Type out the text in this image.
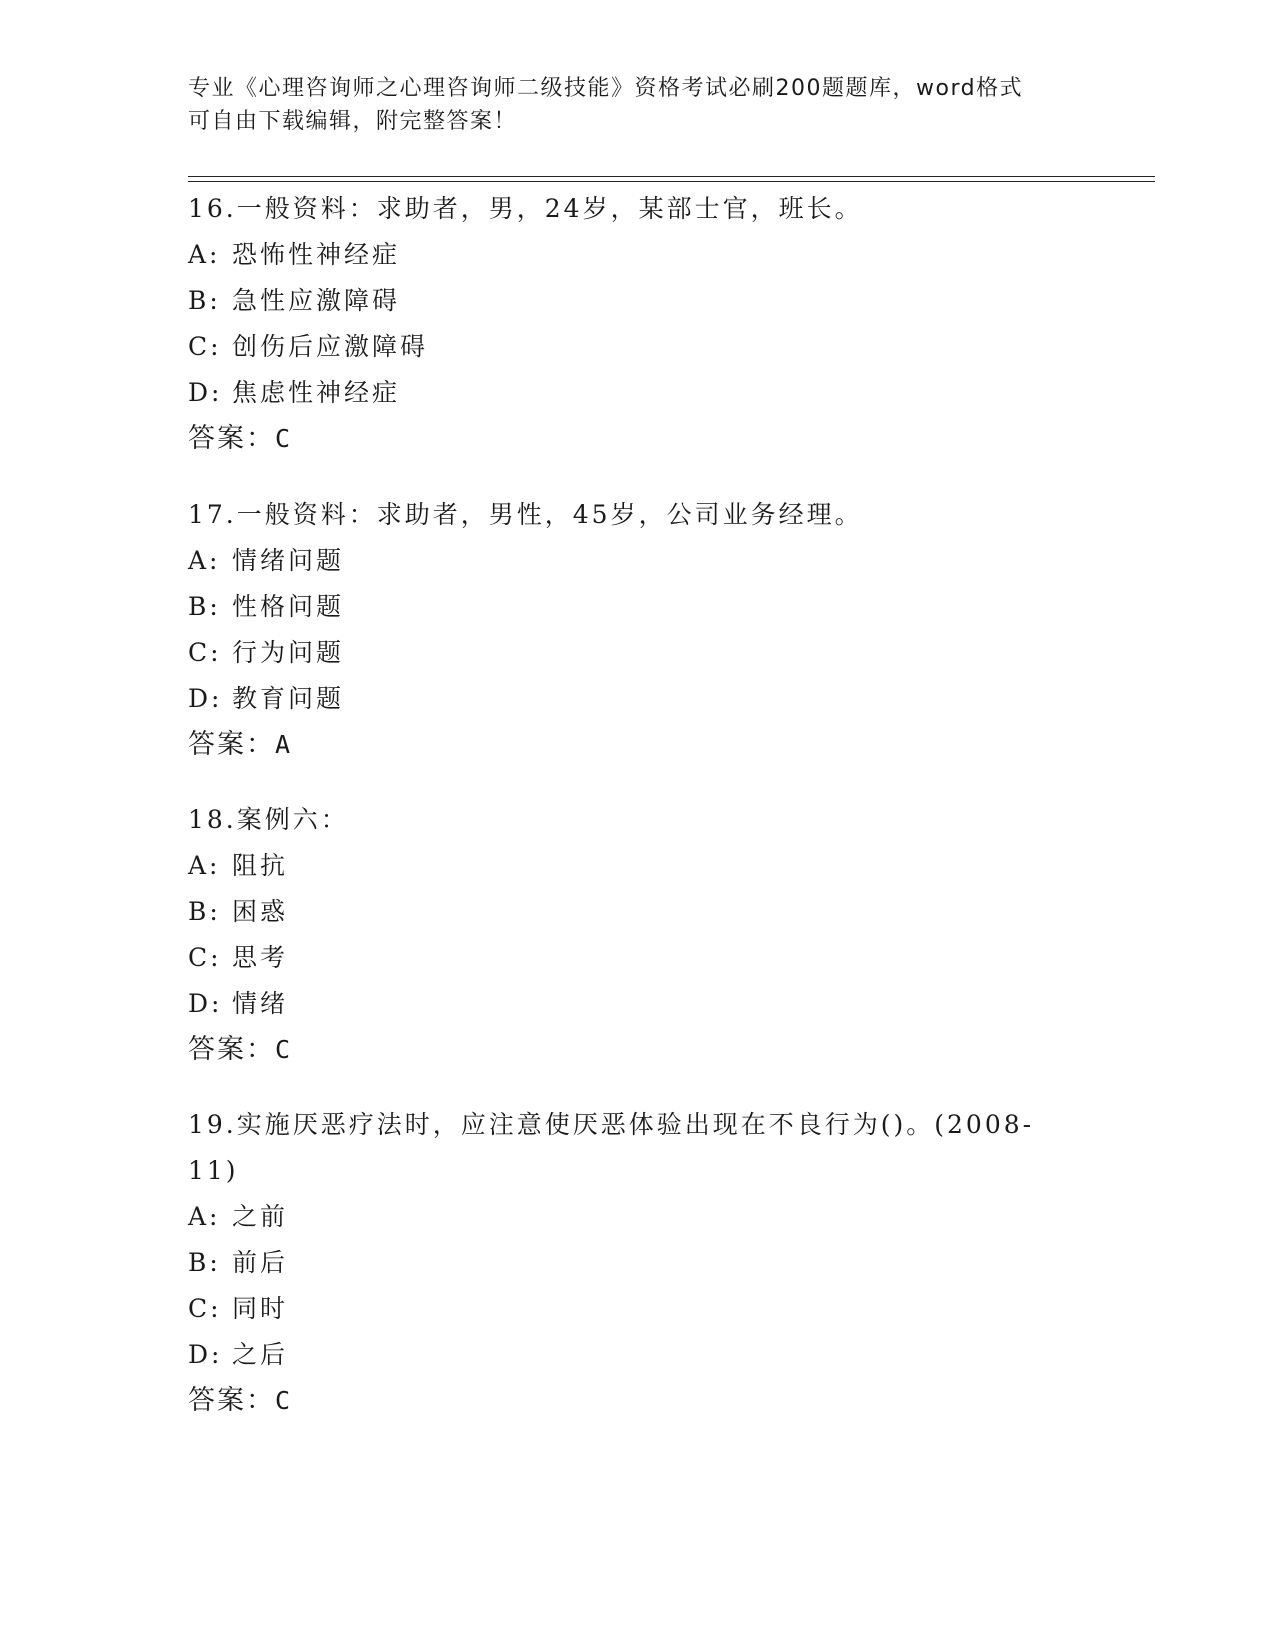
专业《心理咨询师之心理咨询师二级技能》资格考试必刷200题题库，word格式
可自由下载编辑，附完整答案！
16.一般资料：求助者，男，24岁，某部士官，班长。
A: 恐怖性神经症
B: 急性应激障碍
C: 创伤后应激障碍
D: 焦虑性神经症
答案：C
17.一般资料：求助者，男性，45岁，公司业务经理。
A: 情绪问题
B: 性格问题
C: 行为问题
D: 教育问题
答案：A
18.案例六：
A: 阻抗
B: 困惑
C: 思考
D: 情绪
答案：C
19.实施厌恶疗法时，应注意使厌恶体验出现在不良行为()。(2008-11)
A: 之前
B: 前后
C: 同时
D: 之后
答案：C
